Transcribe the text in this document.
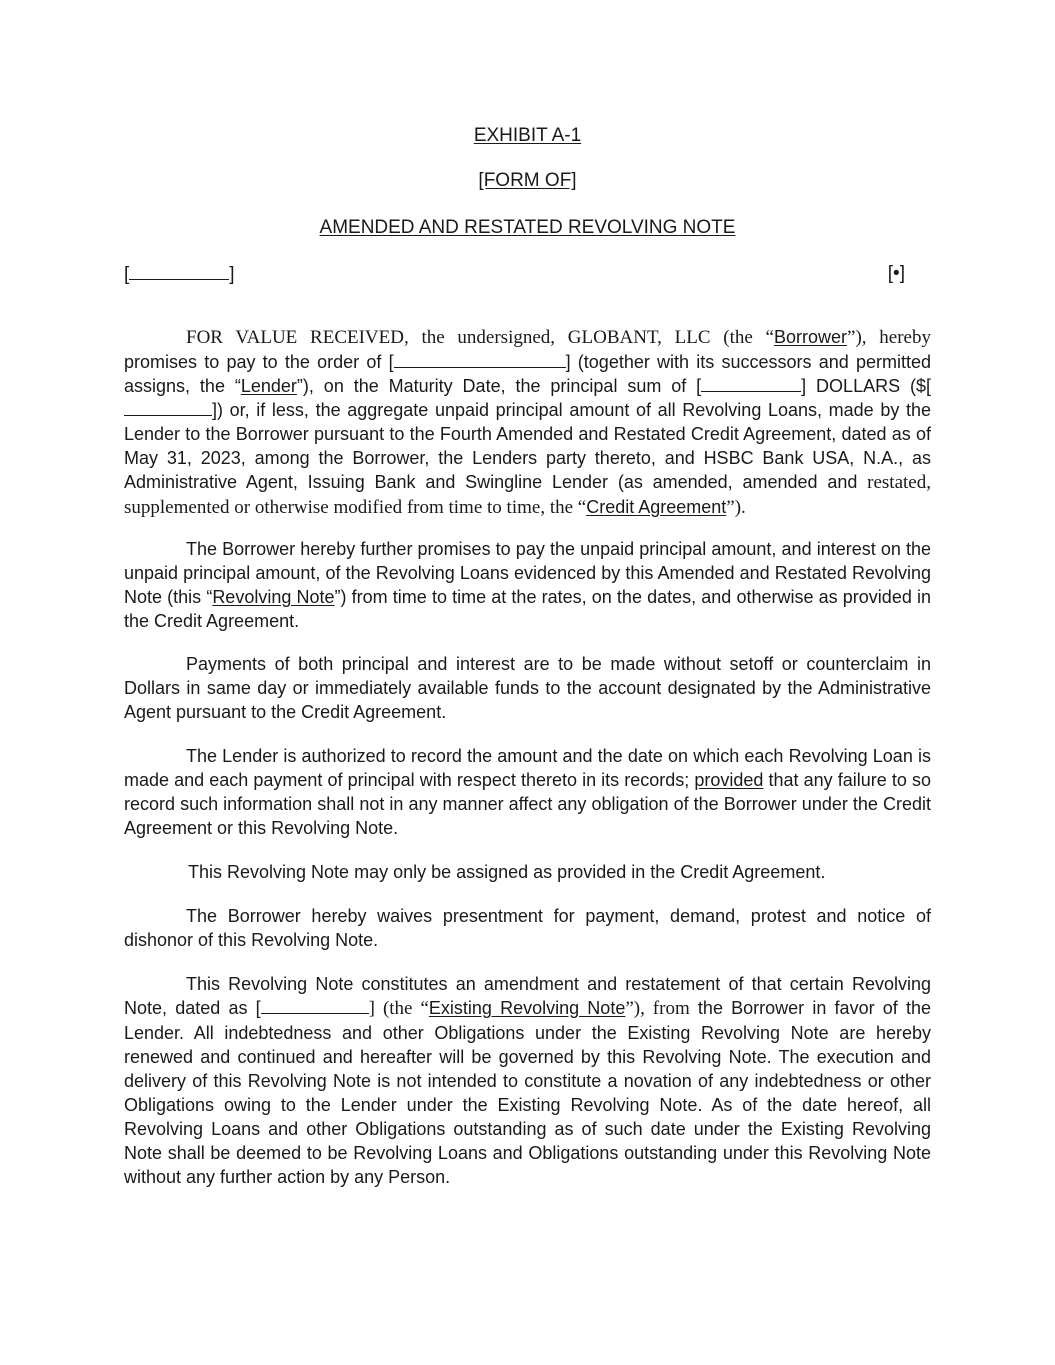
EXHIBIT A-1
[FORM OF]
AMENDED AND RESTATED REVOLVING NOTE
[	]	[•]
FOR VALUE RECEIVED, the undersigned, GLOBANT, LLC (the “Borrower”), hereby promises to pay to the order of [	] (together with its successors and permitted assigns, the “Lender”), on the Maturity Date, the principal sum of [	] DOLLARS ($[]) or, if less, the aggregate unpaid principal amount of all Revolving Loans, made by the Lender to the Borrower pursuant to the Fourth Amended and Restated Credit Agreement, dated as of May 31, 2023, among the Borrower, the Lenders party thereto, and HSBC Bank USA, N.A., as Administrative Agent, Issuing Bank and Swingline Lender (as amended, amended and restated, supplemented or otherwise modified from time to time, the “Credit Agreement”).
The Borrower hereby further promises to pay the unpaid principal amount, and interest on the unpaid principal amount, of the Revolving Loans evidenced by this Amended and Restated Revolving Note (this “Revolving Note”) from time to time at the rates, on the dates, and otherwise as provided in the Credit Agreement.
Payments of both principal and interest are to be made without setoff or counterclaim in Dollars in same day or immediately available funds to the account designated by the Administrative Agent pursuant to the Credit Agreement.
The Lender is authorized to record the amount and the date on which each Revolving Loan is made and each payment of principal with respect thereto in its records; provided that any failure to so record such information shall not in any manner affect any obligation of the Borrower under the Credit Agreement or this Revolving Note.
This Revolving Note may only be assigned as provided in the Credit Agreement.
The Borrower hereby waives presentment for payment, demand, protest and notice of dishonor of this Revolving Note.
This Revolving Note constitutes an amendment and restatement of that certain Revolving Note, dated as [	] (the “Existing Revolving Note”), from the Borrower in favor of the Lender. All indebtedness and other Obligations under the Existing Revolving Note are hereby renewed and continued and hereafter will be governed by this Revolving Note. The execution and delivery of this Revolving Note is not intended to constitute a novation of any indebtedness or other Obligations owing to the Lender under the Existing Revolving Note. As of the date hereof, all Revolving Loans and other Obligations outstanding as of such date under the Existing Revolving Note shall be deemed to be Revolving Loans and Obligations outstanding under this Revolving Note without any further action by any Person.
